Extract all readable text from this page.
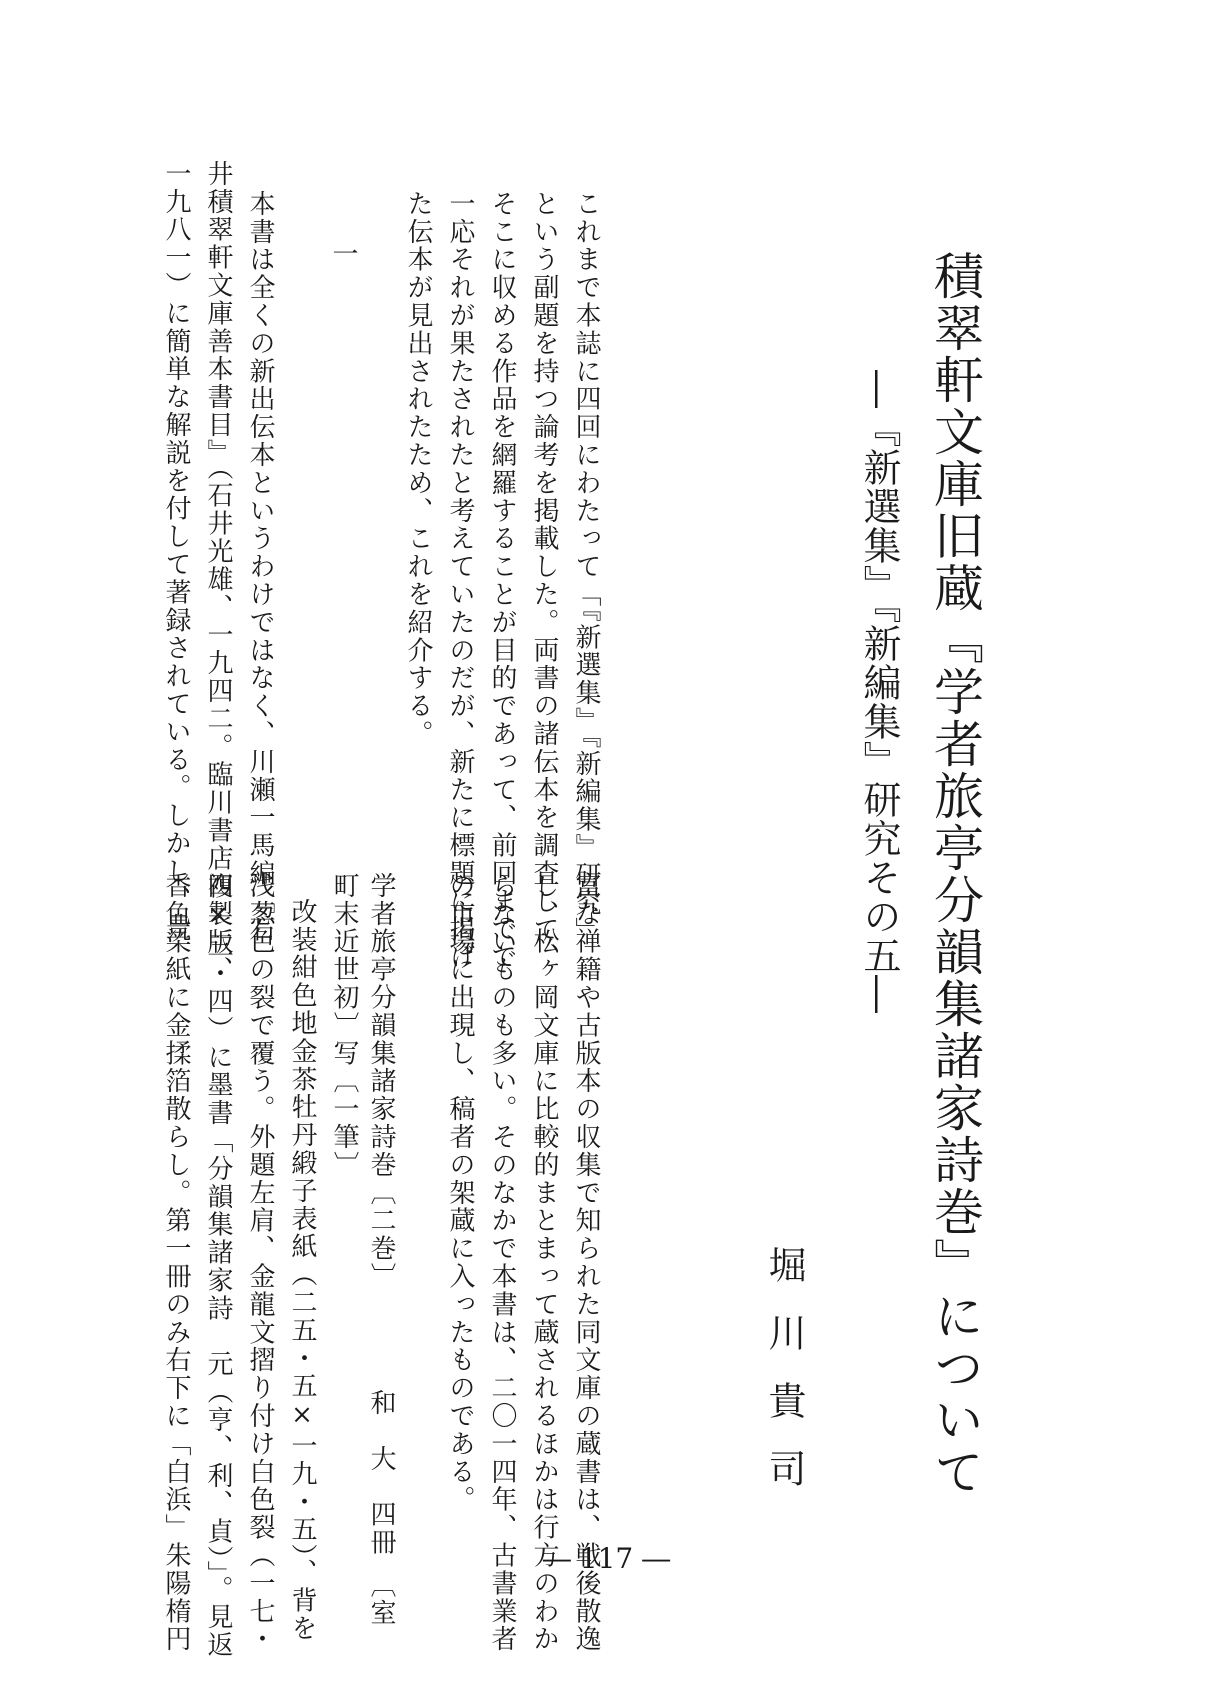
積翠軒文庫旧蔵『学者旅亭分韻集諸家詩巻』について
―『新選集』『新編集』研究その五―
堀川貴司
これまで本誌に四回にわたって「『新選集』『新編集』研究」
という副題を持つ論考を掲載した。両書の諸伝本を調査して、
そこに収める作品を網羅することが目的であって、前回までで
一応それが果たされたと考えていたのだが、新たに標題に掲げ
た伝本が見出されたため、これを紹介する。
一
本書は全くの新出伝本というわけではなく、川瀬一馬編『石
井積翠軒文庫善本書目』（石井光雄、一九四二。臨川書店複製版、
一九八一）に簡単な解説を付して著録されている。しかし、豊
富な禅籍や古版本の収集で知られた同文庫の蔵書は、戦後散逸
し、松ヶ岡文庫に比較的まとまって蔵されるほかは行方のわか
らないものも多い。そのなかで本書は、二〇一四年、古書業者
の市場に出現し、稿者の架蔵に入ったものである。
学者旅亭分韻集諸家詩巻〔二巻〕　　　　和　大　四冊　〔室
町末近世初〕写〔一筆〕
改装紺色地金茶牡丹緞子表紙（二五・五×一九・五）、背を
浅葱色の裂で覆う。外題左肩、金龍文摺り付け白色裂（一七・
四×三・四）に墨書「分韻集諸家詩　元（亨、利、貞）」。見返
香色染紙に金揉箔散らし。第一冊のみ右下に「白浜」朱陽楕円	― 117 ―
